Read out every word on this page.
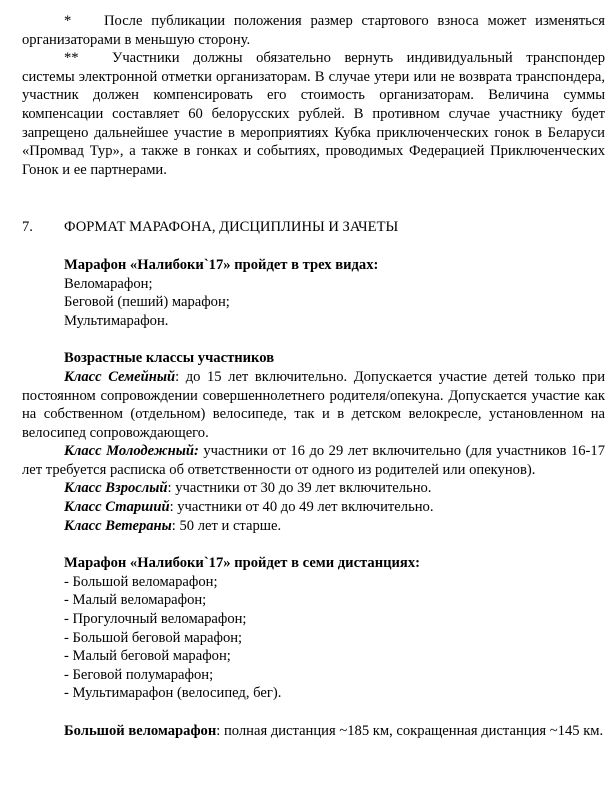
* После публикации положения размер стартового взноса может изменяться организаторами в меньшую сторону.

** Участники должны обязательно вернуть индивидуальный транспондер системы электронной отметки организаторам. В случае утери или не возврата транспондера, участник должен компенсировать его стоимость организаторам. Величина суммы компенсации составляет 60 белорусских рублей. В противном случае участнику будет запрещено дальнейшее участие в мероприятиях Кубка приключенческих гонок в Беларуси «Промвад Тур», а также в гонках и событиях, проводимых Федерацией Приключенческих Гонок и ее партнерами.

7. ФОРМАТ МАРАФОНА, ДИСЦИПЛИНЫ И ЗАЧЕТЫ

Марафон «Налибоки`17» пройдет в трех видах:

Веломарафон;

Беговой (пеший) марафон;

Мультимарафон.

Возрастные классы участников

Класс Семейный: до 15 лет включительно. Допускается участие детей только при постоянном сопровождении совершеннолетнего родителя/опекуна. Допускается участие как на собственном (отдельном) велосипеде, так и в детском велокресле, установленном на велосипед сопровождающего.

Класс Молодежный: участники от 16 до 29 лет включительно (для участников 16-17 лет требуется расписка об ответственности от одного из родителей или опекунов).

Класс Взрослый: участники от 30 до 39 лет включительно.

Класс Старший: участники от 40 до 49 лет включительно.

Класс Ветераны: 50 лет и старше.

Марафон «Налибоки`17» пройдет в семи дистанциях:

- Большой веломарафон;

- Малый веломарафон;

- Прогулочный веломарафон;

- Большой беговой марафон;

- Малый беговой марафон;

- Беговой полумарафон;

- Мультимарафон (велосипед, бег).

Большой веломарафон: полная дистанция ~185 км, сокращенная дистанция ~145 км.
